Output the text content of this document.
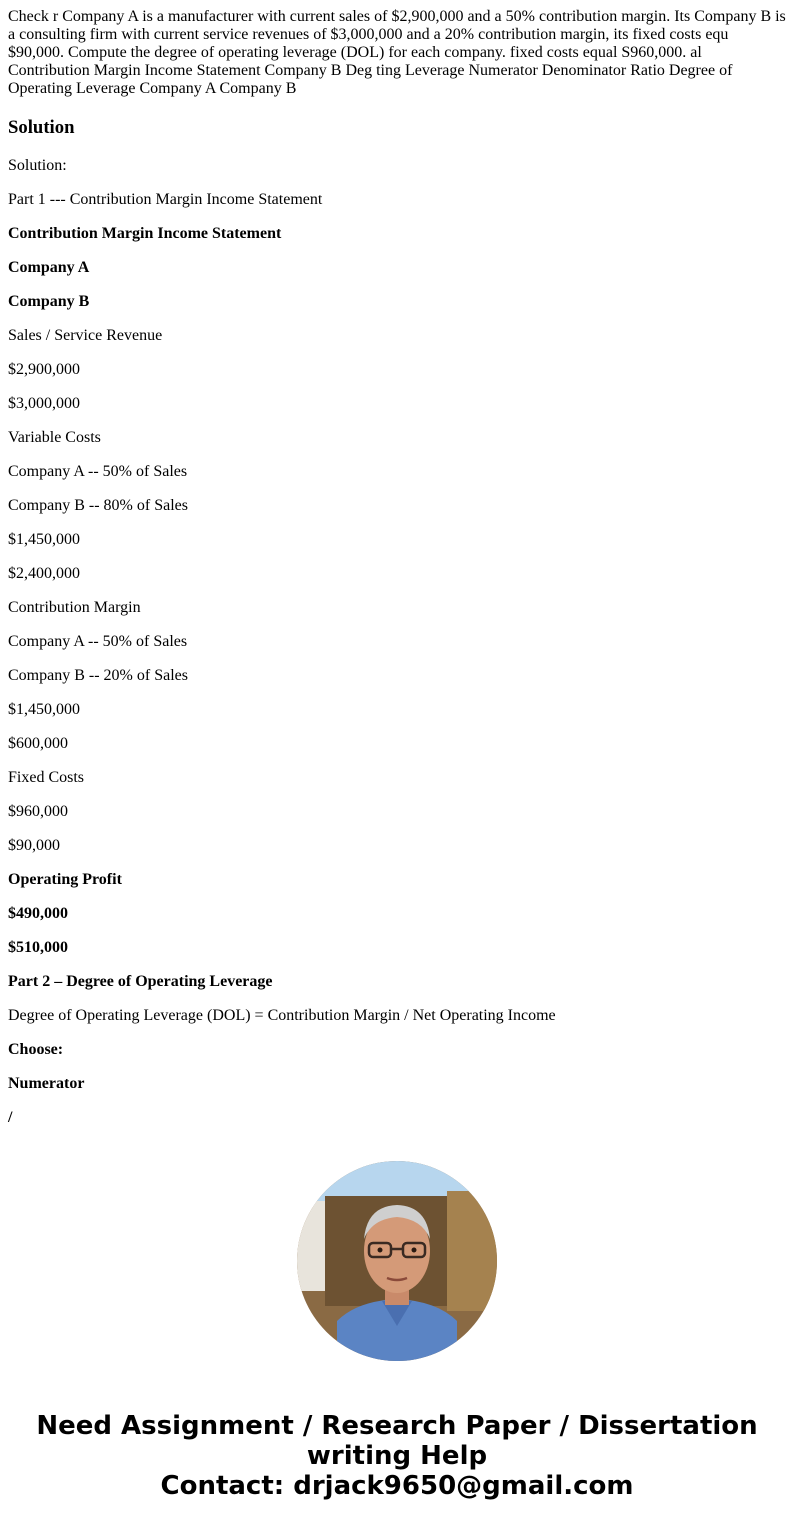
Check r Company A is a manufacturer with current sales of $2,900,000 and a 50% contribution margin. Its Company B is a consulting firm with current service revenues of $3,000,000 and a 20% contribution margin, its fixed costs equ $90,000. Compute the degree of operating leverage (DOL) for each company. fixed costs equal S960,000. al Contribution Margin Income Statement Company B Deg ting Leverage Numerator Denominator Ratio Degree of Operating Leverage Company A Company B
Solution

Solution:

Part 1 --- Contribution Margin Income Statement

Contribution Margin Income Statement

Company A

Company B

Sales / Service Revenue

$2,900,000

$3,000,000

Variable Costs

Company A -- 50% of Sales

Company B -- 80% of Sales

$1,450,000

$2,400,000

Contribution Margin

Company A -- 50% of Sales

Company B -- 20% of Sales

$1,450,000

$600,000

Fixed Costs

$960,000

$90,000

Operating Profit

$490,000

$510,000

Part 2 – Degree of Operating Leverage

Degree of Operating Leverage (DOL) = Contribution Margin / Net Operating Income

Choose:

Numerator

/

Need Assignment / Research Paper / Dissertation
writing Help
Contact: drjack9650@gmail.com
